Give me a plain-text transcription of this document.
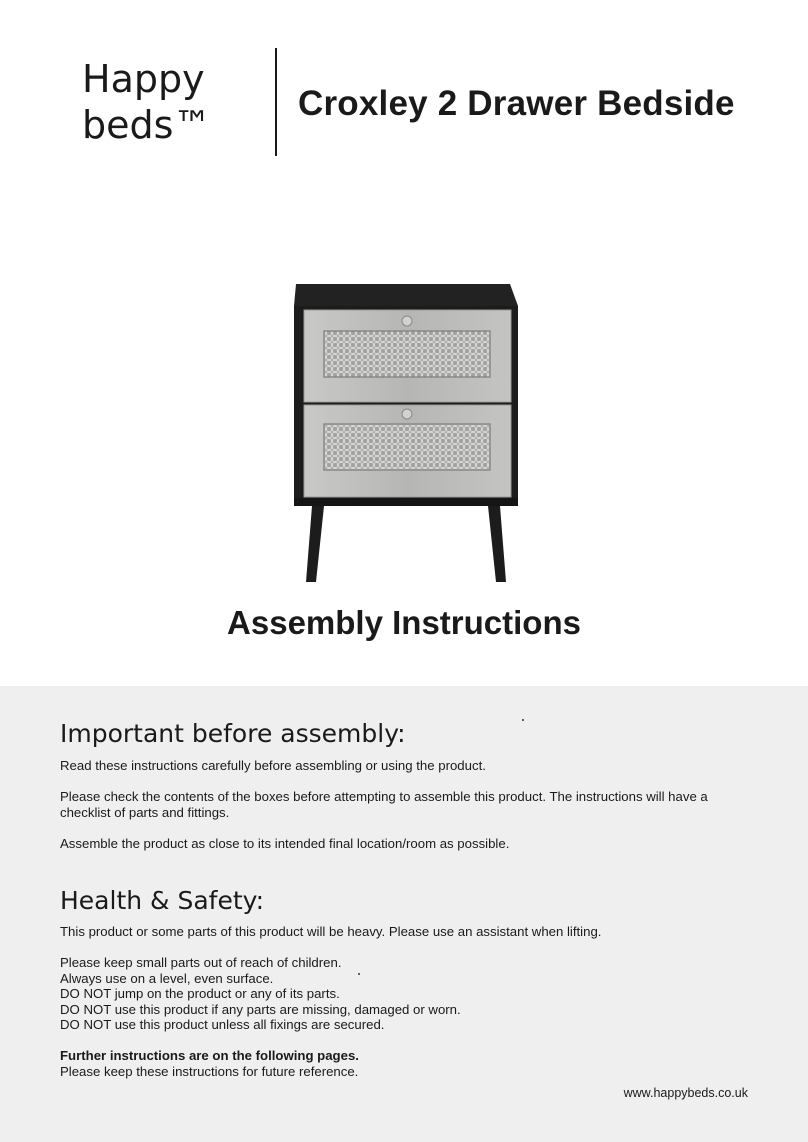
Happy
beds™ Croxley 2 Drawer Bedside
Assembly Instructions
Important before assembly:
Read these instructions carefully before assembling or using the product.
Please check the contents of the boxes before attempting to assemble this product. The instructions will have a checklist of parts and fittings.
Assemble the product as close to its intended final location/room as possible.
Health & Safety:
This product or some parts of this product will be heavy. Please use an assistant when lifting.
Please keep small parts out of reach of children.
Always use on a level, even surface.
DO NOT jump on the product or any of its parts.
DO NOT use this product if any parts are missing, damaged or worn.
DO NOT use this product unless all fixings are secured.
Further instructions are on the following pages.
Please keep these instructions for future reference.
www.happybeds.co.uk
